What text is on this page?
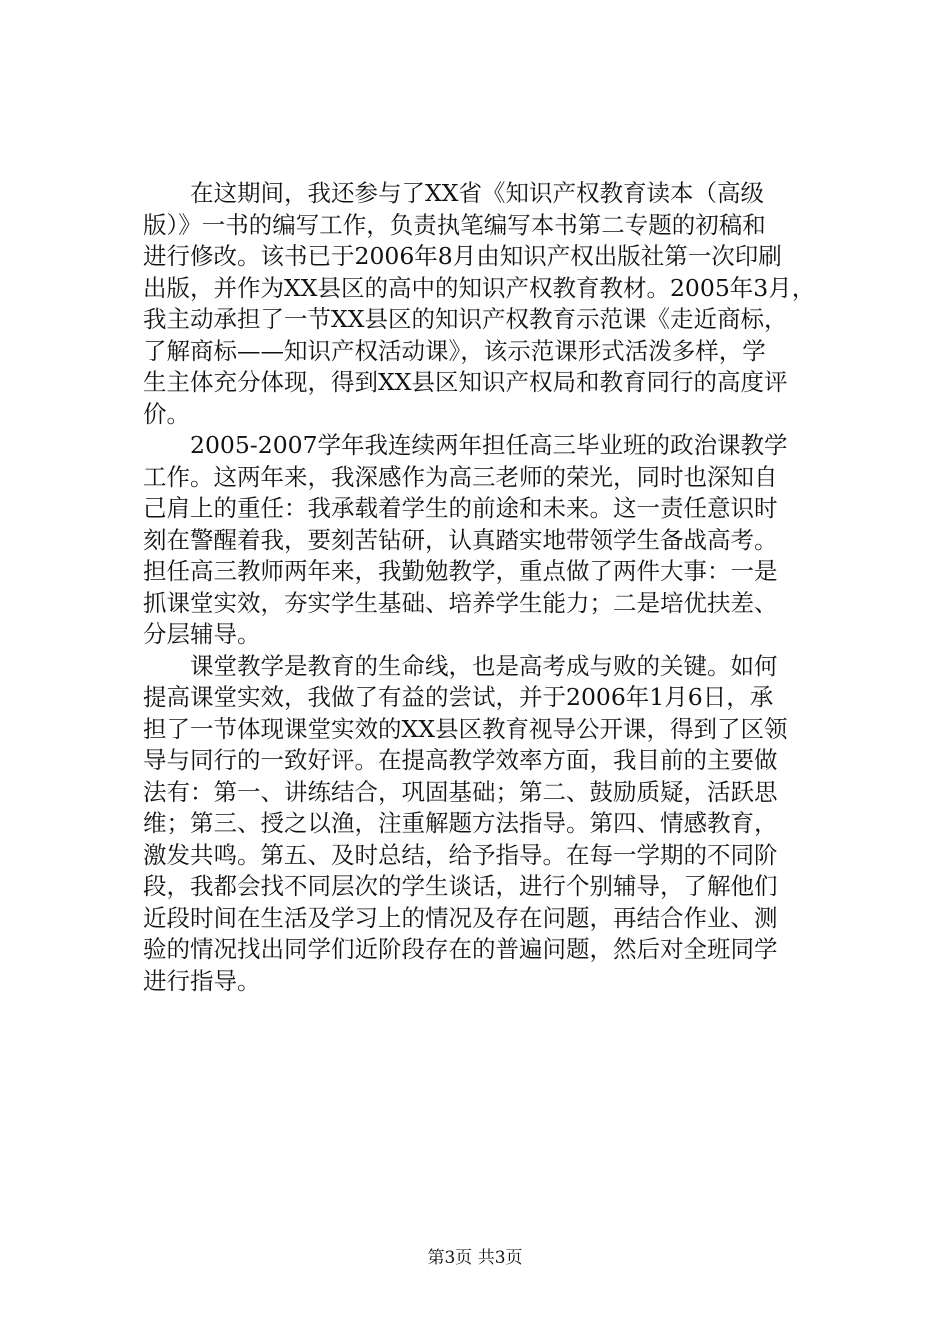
　　在这期间，我还参与了XX省《知识产权教育读本（高级
版）》一书的编写工作，负责执笔编写本书第二专题的初稿和
进行修改。该书已于2006年8月由知识产权出版社第一次印刷
出版，并作为XX县区的高中的知识产权教育教材。2005年3月，
我主动承担了一节XX县区的知识产权教育示范课《走近商标，
了解商标——知识产权活动课》，该示范课形式活泼多样，学
生主体充分体现，得到XX县区知识产权局和教育同行的高度评
价。
　　2005-2007学年我连续两年担任高三毕业班的政治课教学
工作。这两年来，我深感作为高三老师的荣光，同时也深知自
己肩上的重任：我承载着学生的前途和未来。这一责任意识时
刻在警醒着我，要刻苦钻研，认真踏实地带领学生备战高考。
担任高三教师两年来，我勤勉教学，重点做了两件大事：一是
抓课堂实效，夯实学生基础、培养学生能力；二是培优扶差、
分层辅导。
　　课堂教学是教育的生命线，也是高考成与败的关键。如何
提高课堂实效，我做了有益的尝试，并于2006年1月6日，承
担了一节体现课堂实效的XX县区教育视导公开课，得到了区领
导与同行的一致好评。在提高教学效率方面，我目前的主要做
法有：第一、讲练结合，巩固基础；第二、鼓励质疑，活跃思
维；第三、授之以渔，注重解题方法指导。第四、情感教育，
激发共鸣。第五、及时总结，给予指导。在每一学期的不同阶
段，我都会找不同层次的学生谈话，进行个别辅导，了解他们
近段时间在生活及学习上的情况及存在问题，再结合作业、测
验的情况找出同学们近阶段存在的普遍问题，然后对全班同学
进行指导。
第3页 共3页
